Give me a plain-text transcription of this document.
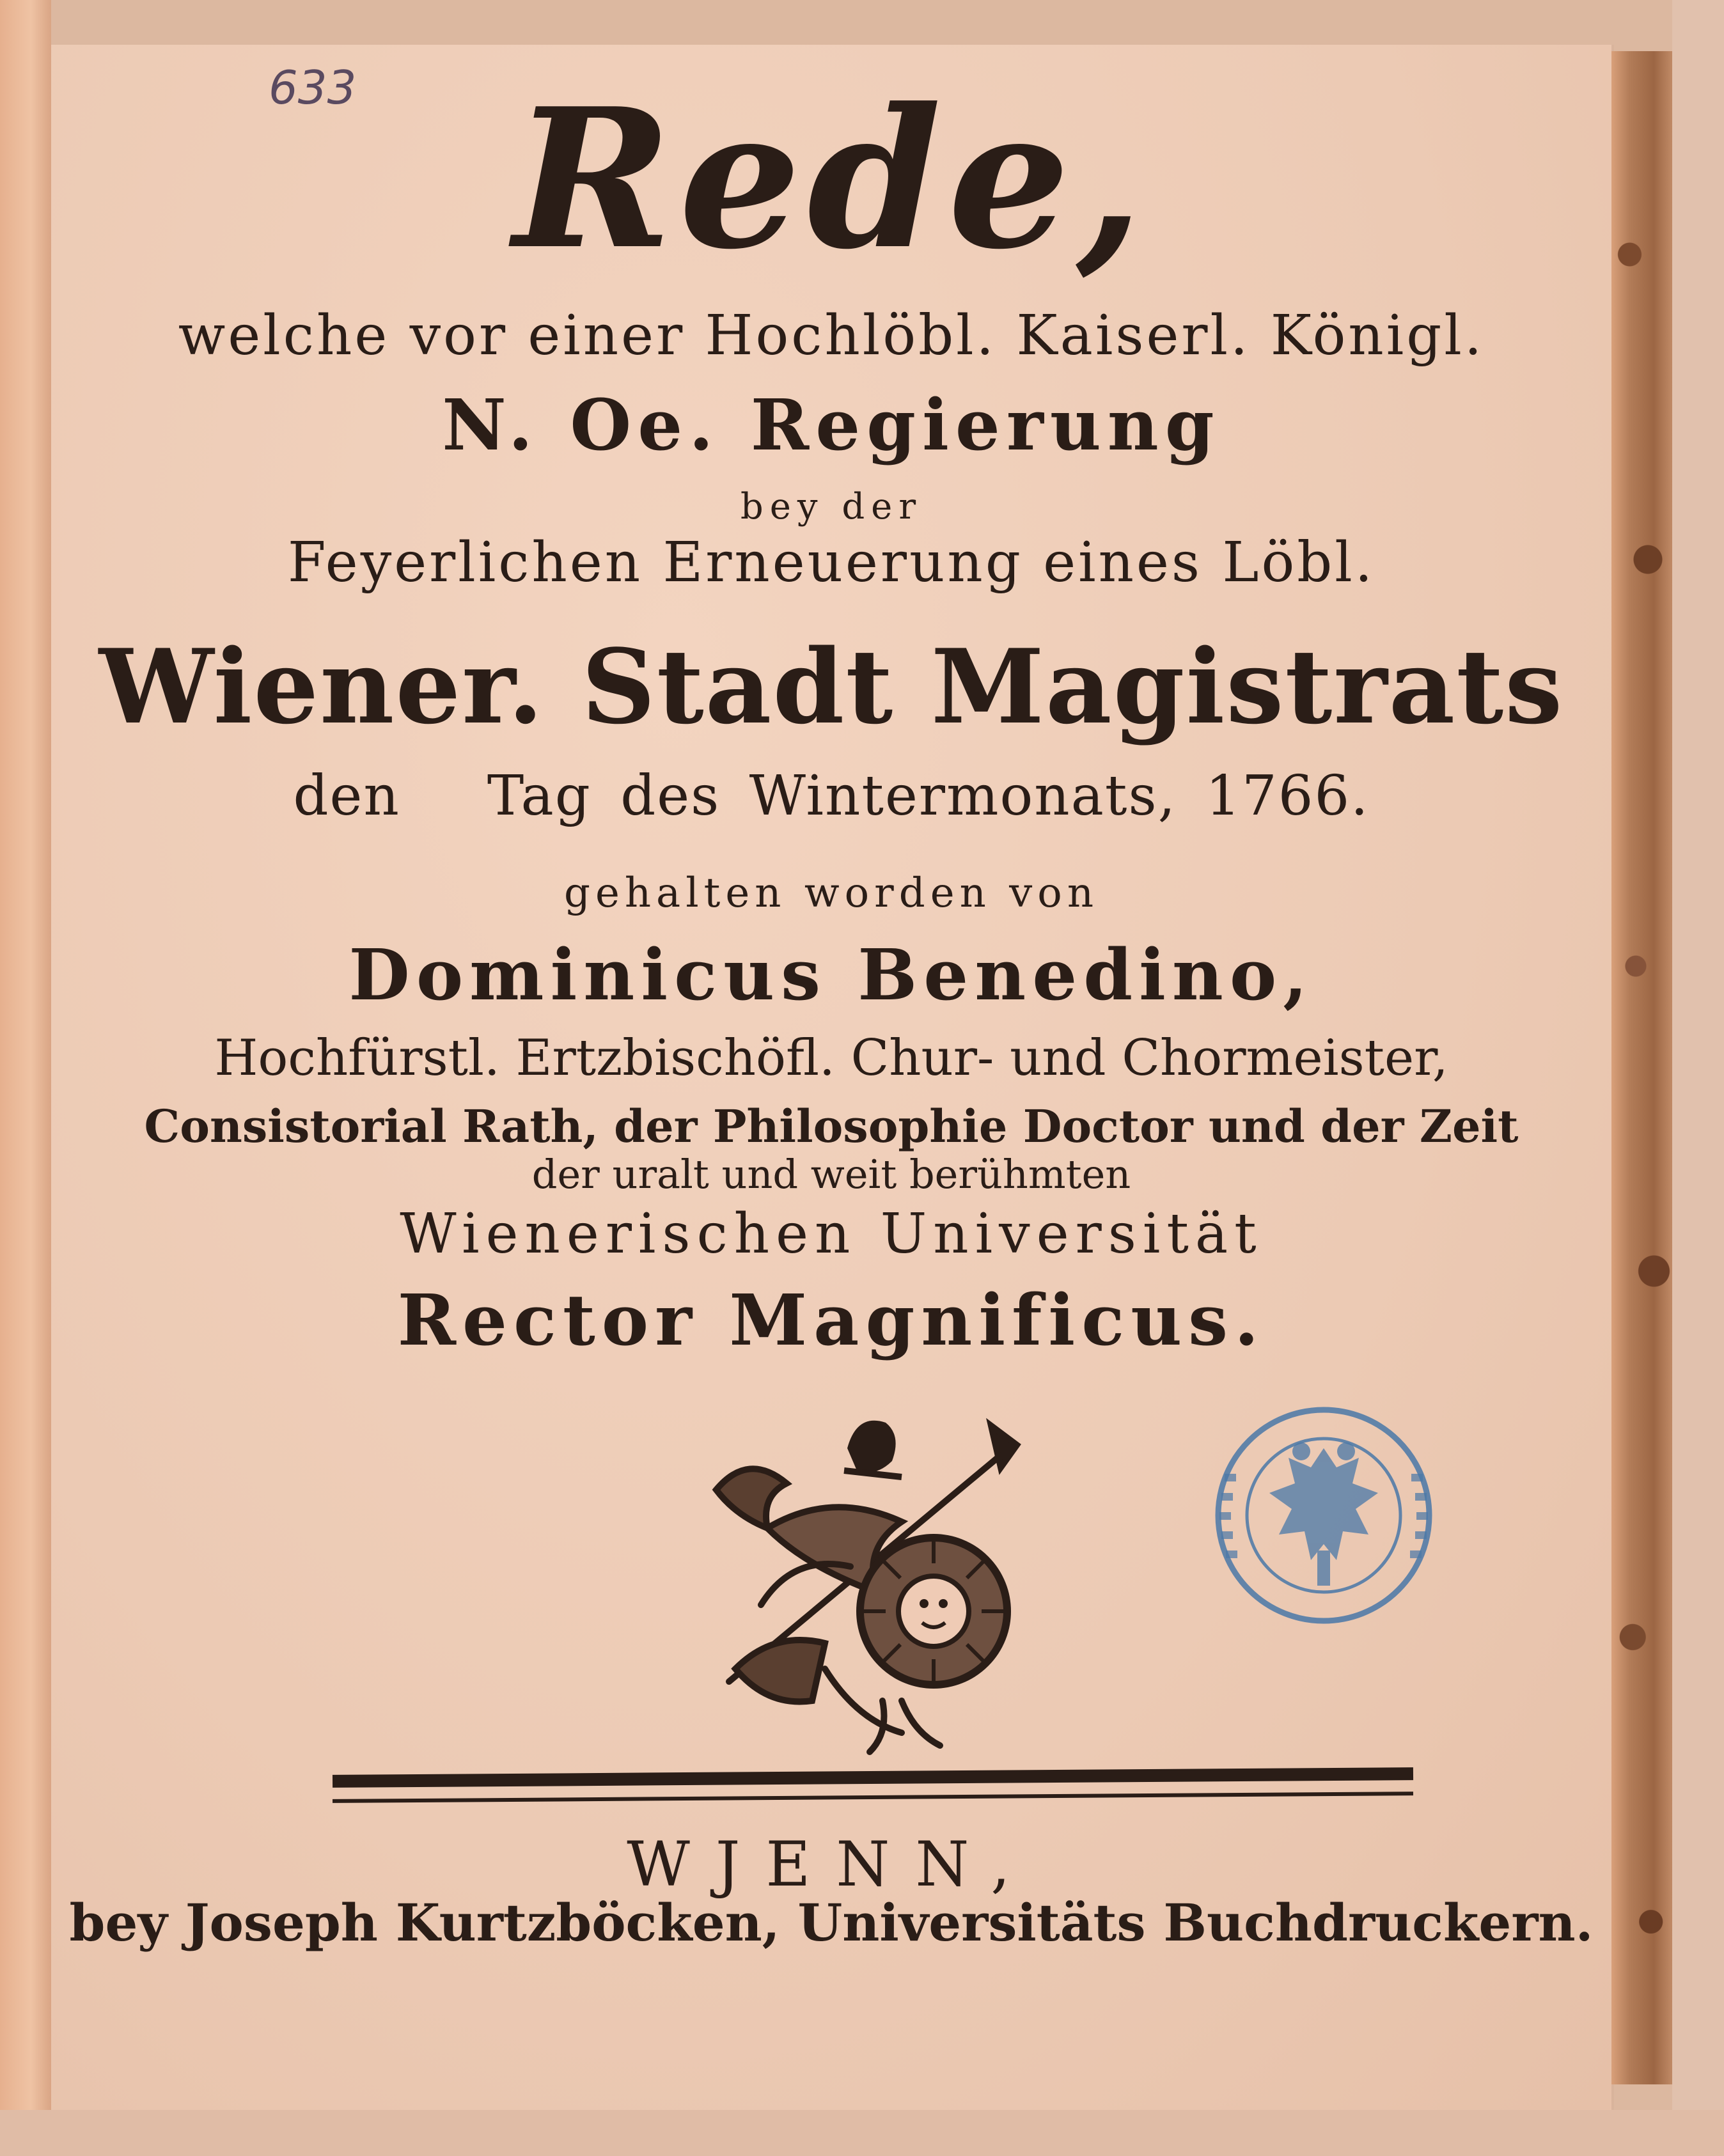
633 Rede,
welche vor einer Hochlöbl. Kaiserl. Königl.
N. Oe. Regierung
bey der
Feyerlichen Erneuerung eines Löbl.
Wiener. Stadt Magistrats
den   Tag des Wintermonats, 1766.
gehalten worden von
Dominicus Benedino,
Hochfürstl. Ertzbischöfl. Chur- und Chormeister,
Consistorial Rath, der Philosophie Doctor und der Zeit
der uralt und weit berühmten
Wienerischen Universität
Rector Magnificus.
WJENN,
bey Joseph Kurtzböcken, Universitäts Buchdruckern.
